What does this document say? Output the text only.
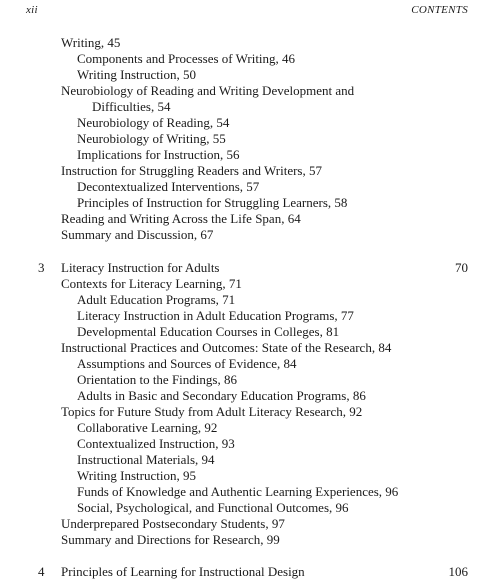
xii	CONTENTS
Writing, 45
Components and Processes of Writing, 46
Writing Instruction, 50
Neurobiology of Reading and Writing Development and
Difficulties, 54
Neurobiology of Reading, 54
Neurobiology of Writing, 55
Implications for Instruction, 56
Instruction for Struggling Readers and Writers, 57
Decontextualized Interventions, 57
Principles of Instruction for Struggling Learners, 58
Reading and Writing Across the Life Span, 64
Summary and Discussion, 67
3 Literacy Instruction for Adults	70
Contexts for Literacy Learning, 71
Adult Education Programs, 71
Literacy Instruction in Adult Education Programs, 77
Developmental Education Courses in Colleges, 81
Instructional Practices and Outcomes: State of the Research, 84
Assumptions and Sources of Evidence, 84
Orientation to the Findings, 86
Adults in Basic and Secondary Education Programs, 86
Topics for Future Study from Adult Literacy Research, 92
Collaborative Learning, 92
Contextualized Instruction, 93
Instructional Materials, 94
Writing Instruction, 95
Funds of Knowledge and Authentic Learning Experiences, 96
Social, Psychological, and Functional Outcomes, 96
Underprepared Postsecondary Students, 97
Summary and Directions for Research, 99
4 Principles of Learning for Instructional Design	106
